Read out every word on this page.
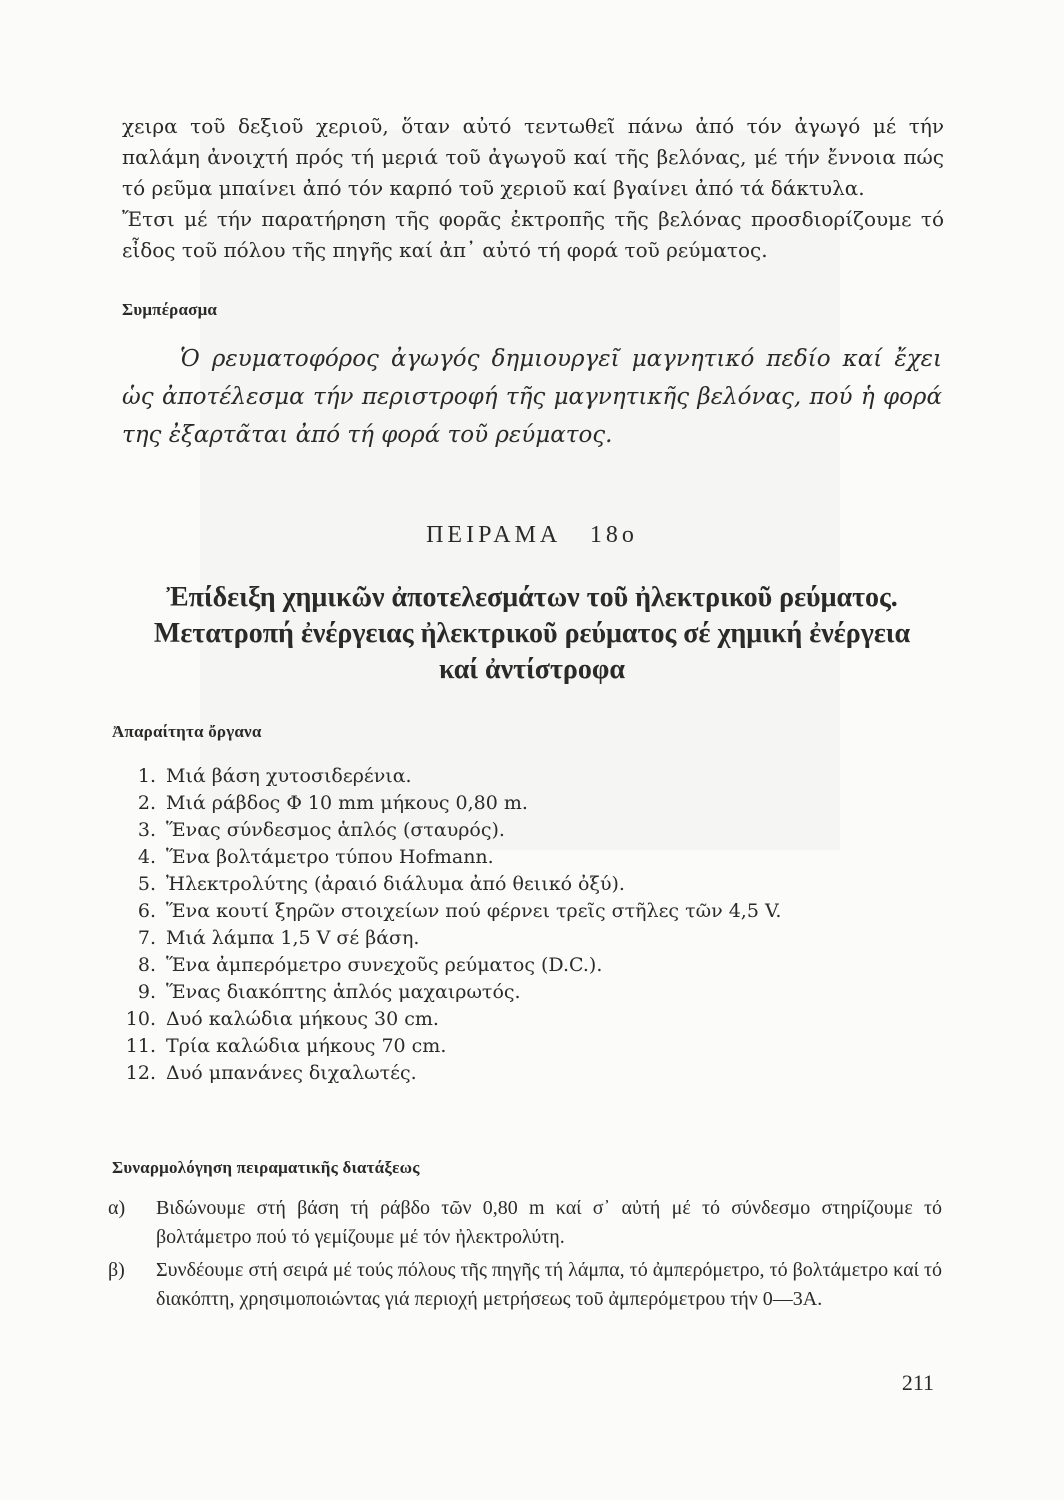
χειρα τοῦ δεξιοῦ χεριοῦ, ὅταν αὐτό τεντωθεῖ πάνω ἀπό τόν ἀγωγό μέ τήν παλάμη ἀνοιχτή πρός τή μεριά τοῦ ἀγωγοῦ καί τῆς βελόνας, μέ τήν ἔννοια πώς τό ρεῦμα μπαίνει ἀπό τόν καρπό τοῦ χεριοῦ καί βγαίνει ἀπό τά δάκτυλα.

Ἔτσι μέ τήν παρατήρηση τῆς φορᾶς ἐκτροπῆς τῆς βελόνας προσδιορίζουμε τό εἶδος τοῦ πόλου τῆς πηγῆς καί ἀπ᾽ αὐτό τή φορά τοῦ ρεύματος.

Συμπέρασμα

Ὁ ρευματοφόρος ἀγωγός δημιουργεῖ μαγνητικό πεδίο καί ἔχει ὡς ἀποτέλεσμα τήν περιστροφή τῆς μαγνητικῆς βελόνας, πού ἡ φορά της ἐξαρτᾶται ἀπό τή φορά τοῦ ρεύματος.

ΠΕΙΡΑΜΑ   18ο

Ἐπίδειξη χημικῶν ἀποτελεσμάτων τοῦ ἠλεκτρικοῦ ρεύματος.

Μετατροπή ἐνέργειας ἠλεκτρικοῦ ρεύματος σέ χημική ἐνέργεια

καί ἀντίστροφα

Ἀπαραίτητα ὄργανα
1. Μιά βάση χυτοσιδερένια.
2. Μιά ράβδος Φ 10 mm μήκους 0,80 m.
3. Ἕνας σύνδεσμος ἁπλός (σταυρός).
4. Ἕνα βολτάμετρο τύπου Hofmann.
5. Ἠλεκτρολύτης (ἀραιό διάλυμα ἀπό θειικό ὀξύ).
6. Ἕνα κουτί ξηρῶν στοιχείων πού φέρνει τρεῖς στῆλες τῶν 4,5 V.
7. Μιά λάμπα 1,5 V σέ βάση.
8. Ἕνα ἀμπερόμετρο συνεχοῦς ρεύματος (D.C.).
9. Ἕνας διακόπτης ἁπλός μαχαιρωτός.
10. Δυό καλώδια μήκους 30 cm.
11. Τρία καλώδια μήκους 70 cm.
12. Δυό μπανάνες διχαλωτές.
Συναρμολόγηση πειραματικῆς διατάξεως
α)	Βιδώνουμε στή βάση τή ράβδο τῶν 0,80 m καί σ᾽ αὐτή μέ τό σύνδεσμο στηρίζουμε τό βολτάμετρο πού τό γεμίζουμε μέ τόν ἠλεκτρολύτη.
β)	Συνδέουμε στή σειρά μέ τούς πόλους τῆς πηγῆς τή λάμπα, τό ἀμπερόμετρο, τό βολτάμετρο καί τό διακόπτη, χρησιμοποιώντας γιά περιοχή μετρήσεως τοῦ ἀμπερόμετρου τήν 0—3A.
211
